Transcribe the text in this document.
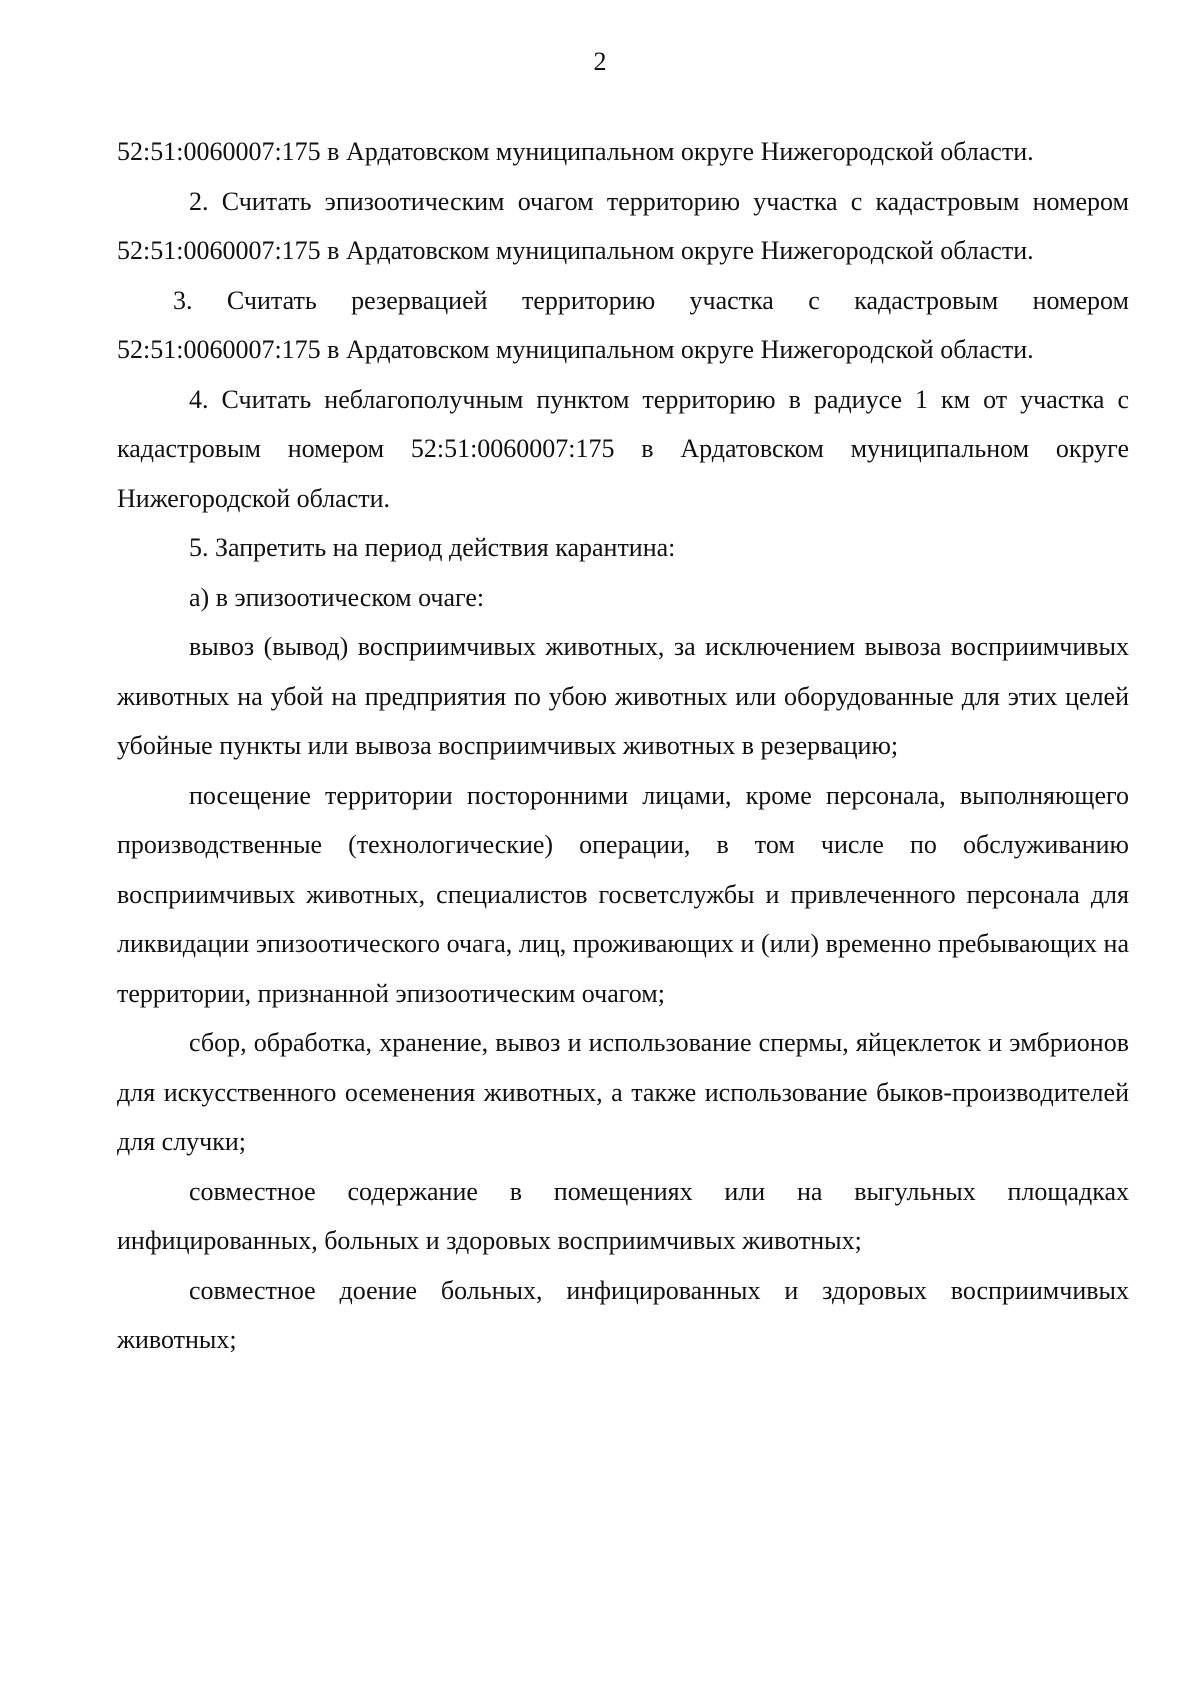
2

52:51:0060007:175 в Ардатовском муниципальном округе Нижегородской области.

2. Считать эпизоотическим очагом территорию участка с кадастровым номером 52:51:0060007:175 в Ардатовском муниципальном округе Нижегородской области.

3. Считать резервацией территорию участка с кадастровым номером 52:51:0060007:175 в Ардатовском муниципальном округе Нижегородской области.

4. Считать неблагополучным пунктом территорию в радиусе 1 км от участка с кадастровым номером 52:51:0060007:175 в Ардатовском муниципальном округе Нижегородской области.

5. Запретить на период действия карантина:

а) в эпизоотическом очаге:

вывоз (вывод) восприимчивых животных, за исключением вывоза восприимчивых животных на убой на предприятия по убою животных или оборудованные для этих целей убойные пункты или вывоза восприимчивых животных в резервацию;

посещение территории посторонними лицами, кроме персонала, выполняющего производственные (технологические) операции, в том числе по обслуживанию восприимчивых животных, специалистов госветслужбы и привлеченного персонала для ликвидации эпизоотического очага, лиц, проживающих и (или) временно пребывающих на территории, признанной эпизоотическим очагом;

сбор, обработка, хранение, вывоз и использование спермы, яйцеклеток и эмбрионов для искусственного осеменения животных, а также использование быков-производителей для случки;

совместное содержание в помещениях или на выгульных площадках инфицированных, больных и здоровых восприимчивых животных;

совместное доение больных, инфицированных и здоровых восприимчивых животных;
